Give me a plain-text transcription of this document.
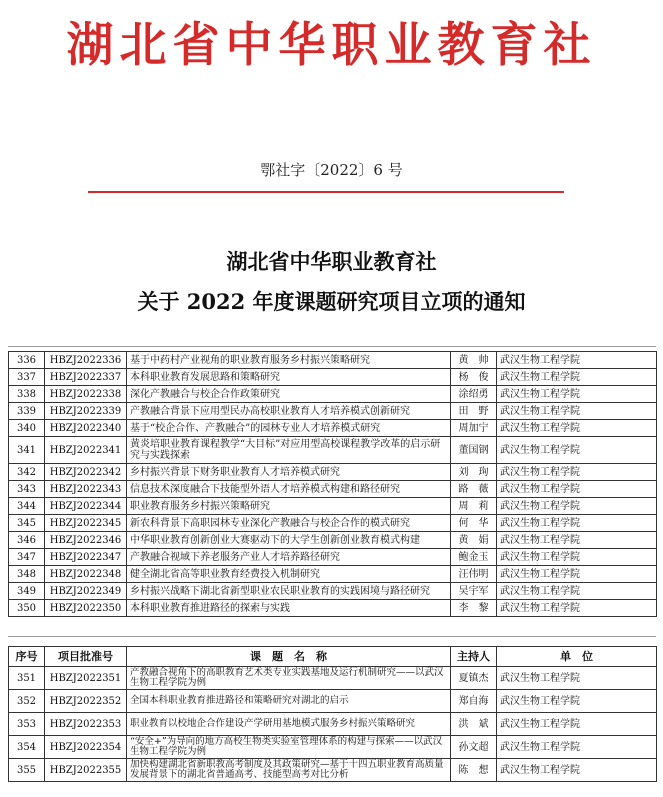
湖北省中华职业教育社
鄂社字〔2022〕6 号
湖北省中华职业教育社
关于 2022 年度课题研究项目立项的通知
336	HBZJ2022336	基于中药村产业视角的职业教育服务乡村振兴策略研究	黄　帅	武汉生物工程学院
337	HBZJ2022337	本科职业教育发展思路和策略研究	杨　俊	武汉生物工程学院
338	HBZJ2022338	深化产教融合与校企合作政策研究	涂绍勇	武汉生物工程学院
339	HBZJ2022339	产教融合背景下应用型民办高校职业教育人才培养模式创新研究	田　野	武汉生物工程学院
340	HBZJ2022340	基于“校企合作、产教融合”的园林专业人才培养模式研究	周加宁	武汉生物工程学院
341	HBZJ2022341	黄炎培职业教育课程教学“大目标”对应用型高校课程教学改革的启示研究与实践探索	董国钢	武汉生物工程学院
342	HBZJ2022342	乡村振兴背景下财务职业教育人才培养模式研究	刘　珣	武汉生物工程学院
343	HBZJ2022343	信息技术深度融合下技能型外语人才培养模式构建和路径研究	路　薇	武汉生物工程学院
344	HBZJ2022344	职业教育服务乡村振兴策略研究	周　莉	武汉生物工程学院
345	HBZJ2022345	新农科背景下高职园林专业深化产教融合与校企合作的模式研究	何　华	武汉生物工程学院
346	HBZJ2022346	中华职业教育创新创业大赛驱动下的大学生创新创业教育模式构建	黄　娟	武汉生物工程学院
347	HBZJ2022347	产教融合视域下养老服务产业人才培养路径研究	鲍金玉	武汉生物工程学院
348	HBZJ2022348	健全湖北省高等职业教育经费投入机制研究	汪伟明	武汉生物工程学院
349	HBZJ2022349	乡村振兴战略下湖北省新型职业农民职业教育的实践困境与路径研究	吴宇军	武汉生物工程学院
350	HBZJ2022350	本科职业教育推进路径的探索与实践	李　黎	武汉生物工程学院
序号	项目批准号	课　题　名　称	主持人	单　位
351	HBZJ2022351	产教融合视角下的高职教育艺术类专业实践基地及运行机制研究——以武汉生物工程学院为例	夏镇杰	武汉生物工程学院
352	HBZJ2022352	全国本科职业教育推进路径和策略研究对湖北的启示	郑自海	武汉生物工程学院
353	HBZJ2022353	职业教育以校地企合作建设产学研用基地模式服务乡村振兴策略研究	洪　斌	武汉生物工程学院
354	HBZJ2022354	“安全+”为导向的地方高校生物类实验室管理体系的构建与探索——以武汉生物工程学院为例	孙文超	武汉生物工程学院
355	HBZJ2022355	加快构建湖北省新职教高考制度及其政策研究—基于十四五职业教育高质量发展背景下的湖北省普通高考、技能型高考对比分析	陈　想	武汉生物工程学院
